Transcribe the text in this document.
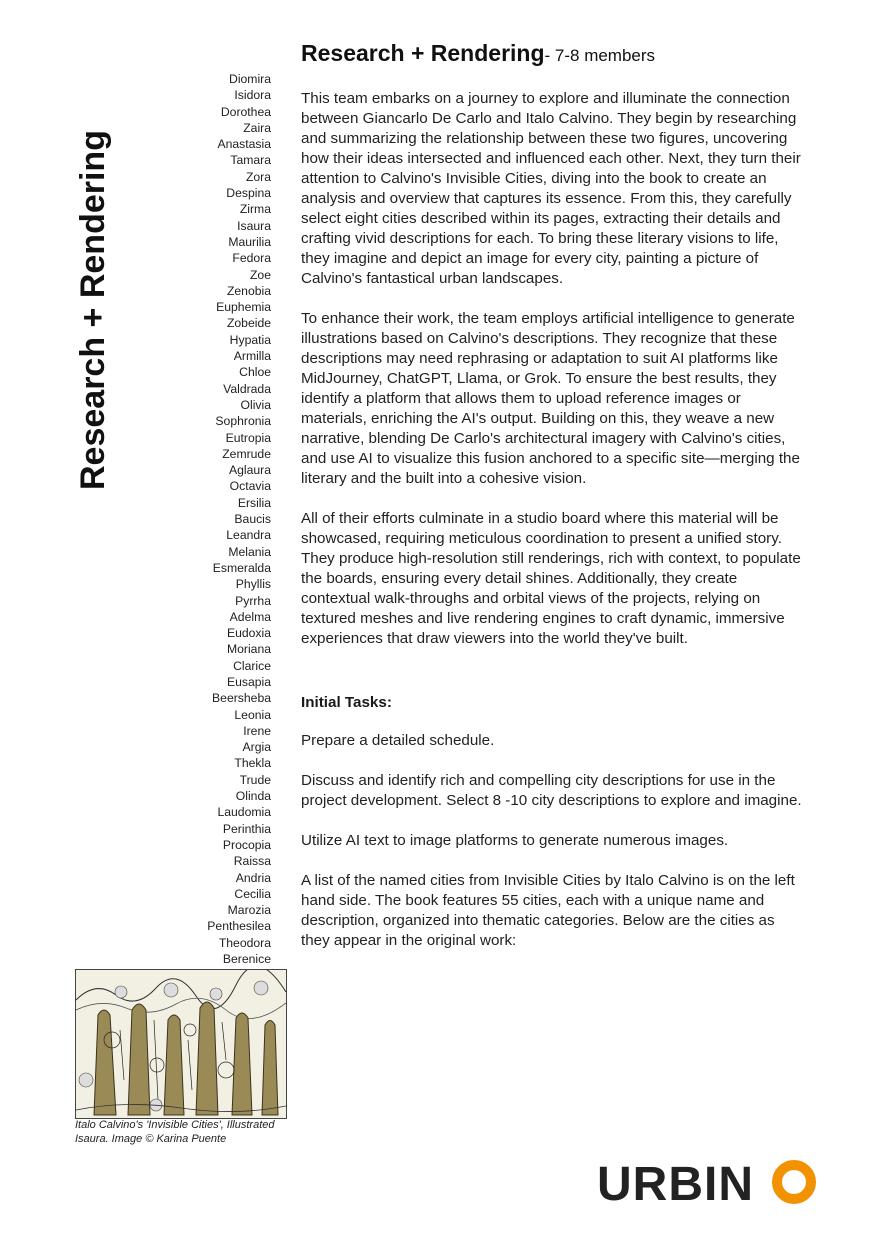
Research + Rendering
Diomira
Isidora
Dorothea
Zaira
Anastasia
Tamara
Zora
Despina
Zirma
Isaura
Maurilia
Fedora
Zoe
Zenobia
Euphemia
Zobeide
Hypatia
Armilla
Chloe
Valdrada
Olivia
Sophronia
Eutropia
Zemrude
Aglaura
Octavia
Ersilia
Baucis
Leandra
Melania
Esmeralda
Phyllis
Pyrrha
Adelma
Eudoxia
Moriana
Clarice
Eusapia
Beersheba
Leonia
Irene
Argia
Thekla
Trude
Olinda
Laudomia
Perinthia
Procopia
Raissa
Andria
Cecilia
Marozia
Penthesilea
Theodora
Berenice
Italo Calvino's 'Invisible Cities', Illustrated
Isaura. Image © Karina Puente
Research + Rendering- 7-8 members

This team embarks on a journey to explore and illuminate the connection between Giancarlo De Carlo and Italo Calvino. They begin by researching and summarizing the relationship between these two figures, uncovering how their ideas intersected and influenced each other. Next, they turn their attention to Calvino's Invisible Cities, diving into the book to create an analysis and overview that captures its essence. From this, they carefully select eight cities described within its pages, extracting their details and crafting vivid descriptions for each. To bring these literary visions to life, they imagine and depict an image for every city, painting a picture of Calvino's fantastical urban landscapes.

To enhance their work, the team employs artificial intelligence to generate illustrations based on Calvino's descriptions. They recognize that these descriptions may need rephrasing or adaptation to suit AI platforms like MidJourney, ChatGPT, Llama, or Grok. To ensure the best results, they identify a platform that allows them to upload reference images or materials, enriching the AI's output. Building on this, they weave a new narrative, blending De Carlo's architectural imagery with Calvino's cities, and use AI to visualize this fusion anchored to a specific site—merging the literary and the built into a cohesive vision.

All of their efforts culminate in a studio board where this material will be showcased, requiring meticulous coordination to present a unified story. They produce high-resolution still renderings, rich with context, to populate the boards, ensuring every detail shines. Additionally, they create contextual walk-throughs and orbital views of the projects, relying on textured meshes and live rendering engines to craft dynamic, immersive experiences that draw viewers into the world they've built.

Initial Tasks:

Prepare a detailed schedule.

Discuss and identify rich and compelling city descriptions for use in the project development. Select 8 -10 city descriptions to explore and imagine.

Utilize AI text to image platforms to generate numerous images.

A list of the named cities from Invisible Cities by Italo Calvino is on the left hand side. The book features 55 cities, each with a unique name and description, organized into thematic categories. Below are the cities as they appear in the original work:

URBIN
